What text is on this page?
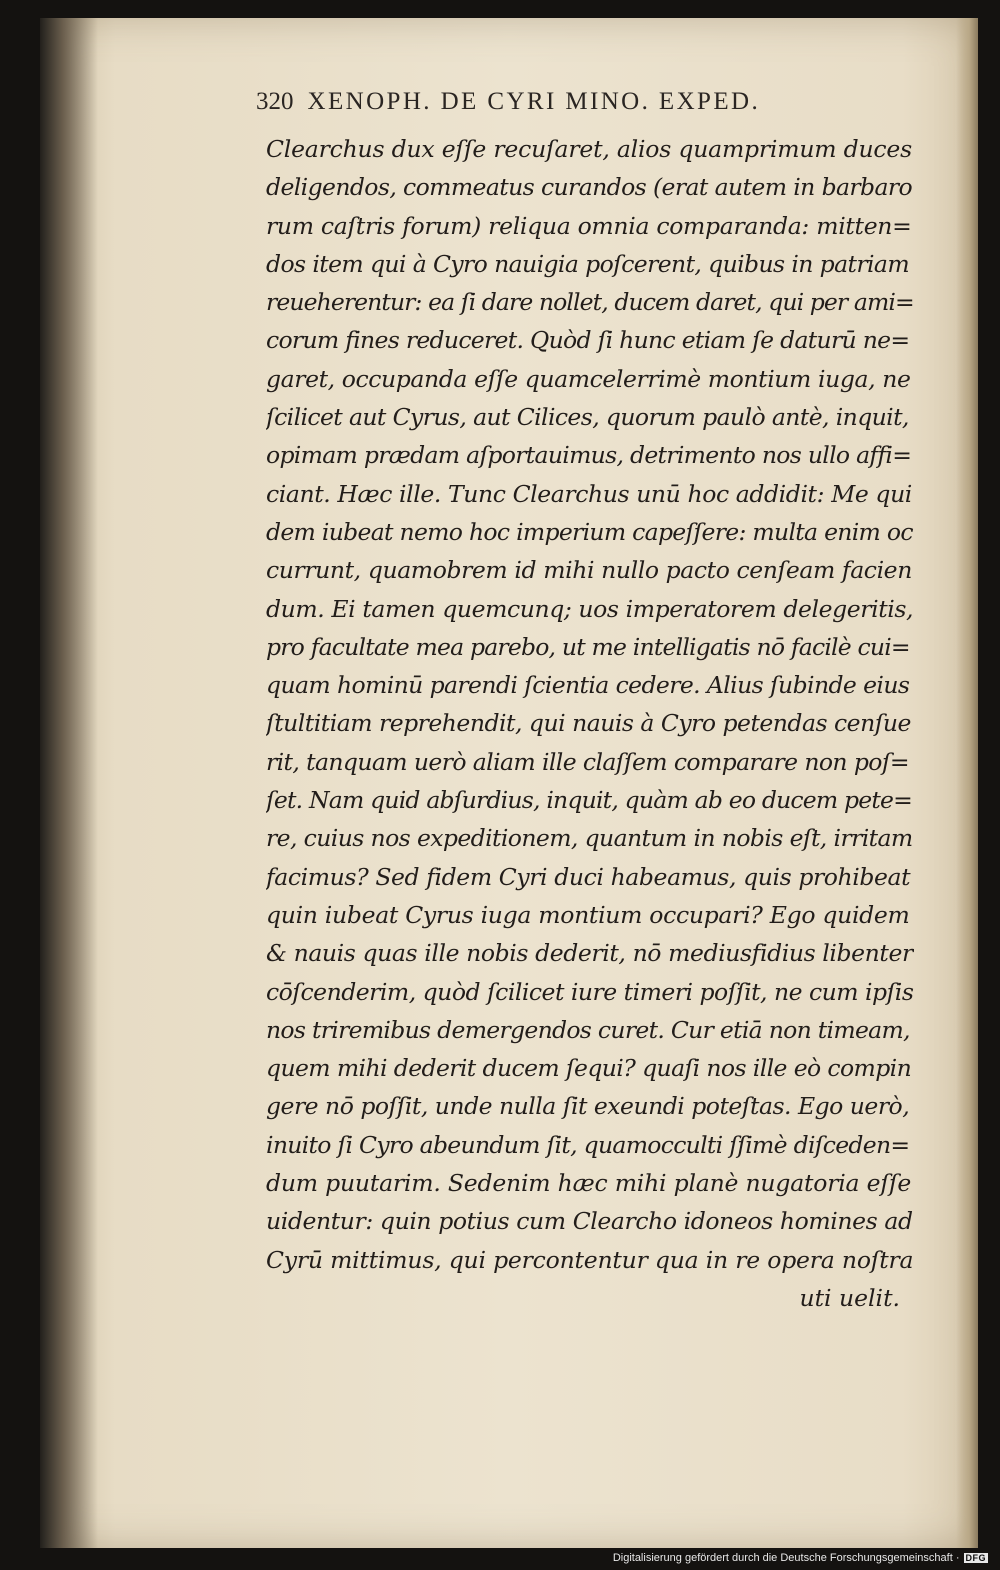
320 XENOPH. DE CYRI MINO. EXPED.
Clearchus dux eſſe recuſaret, alios quamprimum duces
deligendos, commeatus curandos (erat autem in barbaro
rum caſtris forum) reliqua omnia comparanda: mitten=
dos item qui à Cyro nauigia poſcerent, quibus in patriam
reueherentur: ea ſi dare nollet, ducem daret, qui per ami=
corum fines reduceret. Quòd ſi hunc etiam ſe daturū ne=
garet, occupanda eſſe quamcelerrimè montium iuga, ne
ſcilicet aut Cyrus, aut Cilices, quorum paulò antè, inquit,
opimam prædam aſportauimus, detrimento nos ullo affi=
ciant. Hæc ille. Tunc Clearchus unū hoc addidit: Me qui
dem iubeat nemo hoc imperium capeſſere: multa enim oc
currunt, quamobrem id mihi nullo pacto cenſeam facien
dum. Ei tamen quemcunq; uos imperatorem delegeritis,
pro facultate mea parebo, ut me intelligatis nō facilè cui=
quam hominū parendi ſcientia cedere. Alius ſubinde eius
ſtultitiam reprehendit, qui nauis à Cyro petendas cenſue
rit, tanquam uerò aliam ille claſſem comparare non poſ=
ſet. Nam quid abſurdius, inquit, quàm ab eo ducem pete=
re, cuius nos expeditionem, quantum in nobis eſt, irritam
facimus? Sed fidem Cyri duci habeamus, quis prohibeat
quin iubeat Cyrus iuga montium occupari? Ego quidem
& nauis quas ille nobis dederit, nō mediusfidius libenter
cōſcenderim, quòd ſcilicet iure timeri poſſit, ne cum ipſis
nos triremibus demergendos curet. Cur etiā non timeam,
quem mihi dederit ducem ſequi? quaſi nos ille eò compin
gere nō poſſit, unde nulla ſit exeundi poteſtas. Ego uerò,
inuito ſi Cyro abeundum ſit, quamocculti ſſimè diſceden=
dum puutarim. Sedenim hæc mihi planè nugatoria eſſe
uidentur: quin potius cum Clearcho idoneos homines ad
Cyrū mittimus, qui percontentur qua in re opera noſtra
uti uelit.
Digitalisierung gefördert durch die Deutsche Forschungsgemeinschaft · DFG
